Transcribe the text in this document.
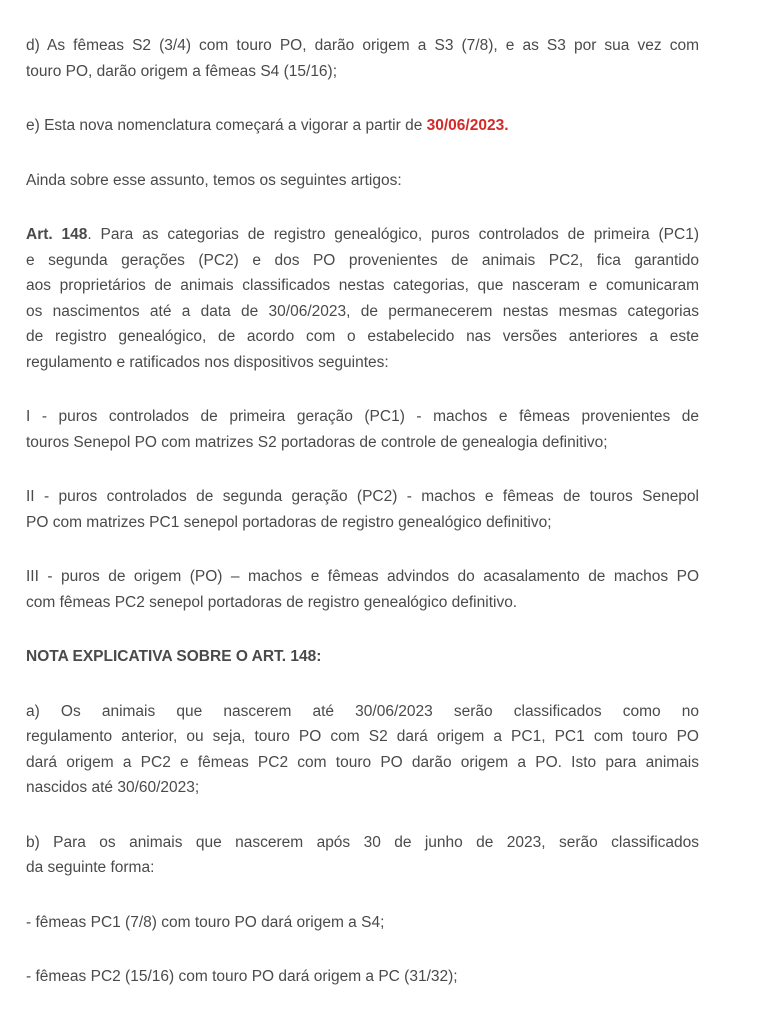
d) As fêmeas S2 (3/4) com touro PO, darão origem a S3 (7/8), e as S3 por sua vez com
touro PO, darão origem a fêmeas S4 (15/16);

e) Esta nova nomenclatura começará a vigorar a partir de 30/06/2023.

Ainda sobre esse assunto, temos os seguintes artigos:

Art. 148. Para as categorias de registro genealógico, puros controlados de primeira (PC1)
e segunda gerações (PC2) e dos PO provenientes de animais PC2, fica garantido
aos proprietários de animais classificados nestas categorias, que nasceram e comunicaram
os nascimentos até a data de 30/06/2023, de permanecerem nestas mesmas categorias
de registro genealógico, de acordo com o estabelecido nas versões anteriores a este
regulamento e ratificados nos dispositivos seguintes:

I - puros controlados de primeira geração (PC1) - machos e fêmeas provenientes de
touros Senepol PO com matrizes S2 portadoras de controle de genealogia definitivo;

II - puros controlados de segunda geração (PC2) - machos e fêmeas de touros Senepol
PO com matrizes PC1 senepol portadoras de registro genealógico definitivo;

III - puros de origem (PO) – machos e fêmeas advindos do acasalamento de machos PO
com fêmeas PC2 senepol portadoras de registro genealógico definitivo.

NOTA EXPLICATIVA SOBRE O ART. 148:

a) Os animais que nascerem até 30/06/2023 serão classificados como no
regulamento anterior, ou seja, touro PO com S2 dará origem a PC1, PC1 com touro PO
dará origem a PC2 e fêmeas PC2 com touro PO darão origem a PO. Isto para animais
nascidos até 30/60/2023;

b) Para os animais que nascerem após 30 de junho de 2023, serão classificados
da seguinte forma:

- fêmeas PC1 (7/8) com touro PO dará origem a S4;

- fêmeas PC2 (15/16) com touro PO dará origem a PC (31/32);
